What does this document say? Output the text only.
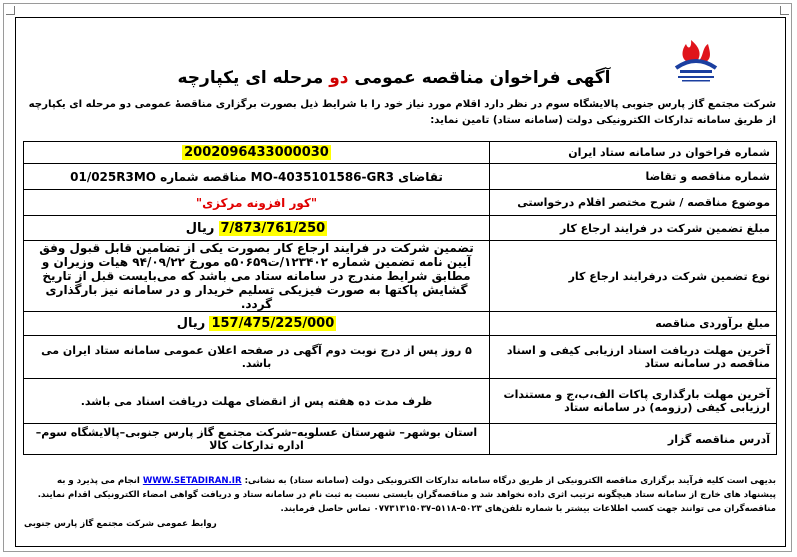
آگهی فراخوان مناقصه عمومی دو مرحله ای یکپارچه
شرکت مجتمع گاز پارس جنوبی پالایشگاه سوم در نظر دارد اقلام مورد نیاز خود را با شرایط ذیل بصورت برگزاری مناقصهٔ عمومی دو مرحله ای یکپارچه از طریق سامانه تدارکات الکترونیکی دولت (سامانه ستاد) تامین نماید:
شماره فراخوان در سامانه ستاد ایران	2002096433000030
شماره مناقصه و تقاضا	تقاضای MO-4035101586-GR3 مناقصه شماره 01/025R3MO
موضوع مناقصه / شرح مختصر اقلام درخواستی	"کور افزونه مرکزی"
مبلغ تضمین شرکت در فرایند ارجاع کار	7/873/761/250 ریال
نوع تضمین شرکت درفرایند ارجاع کار	تضمین شرکت در فرایند ارجاع کار بصورت یکی از تضامین قابل قبول وفق آیین نامه تضمین شماره ۱۲۳۴۰۲/ت۵۰۶۵۹ه مورخ ۹۴/۰۹/۲۲ هیات وزیران و مطابق شرایط مندرج در سامانه ستاد می باشد که می‌بایست قبل از تاریخ گشایش پاکتها به صورت فیزیکی تسلیم خریدار و در سامانه نیز بارگذاری گردد.
مبلغ برآوردی مناقصه	157/475/225/000 ریال
آخرین مهلت دریافت اسناد ارزیابی کیفی و اسناد مناقصه در سامانه ستاد	۵ روز پس از درج نوبت دوم آگهی در صفحه اعلان عمومی سامانه ستاد ایران می باشد.
آخرین مهلت بارگذاری پاکات الف،ب،ج و مستندات ارزیابی کیفی (رزومه) در سامانه ستاد	ظرف مدت ده هفته پس از انقضای مهلت دریافت اسناد می باشد.
آدرس مناقصه گزار	استان بوشهر– شهرستان عسلویه–شرکت مجتمع گاز پارس جنوبی–پالایشگاه سوم–اداره تدارکات کالا
بدیهی است کلیه فرآیند برگزاری مناقصه الکترونیکی از طریق درگاه سامانه تدارکات الکترونیکی دولت (سامانه ستاد) به نشانی: WWW.SETADIRAN.IR انجام می پذیرد و به پیشنهاد های خارج از سامانه ستاد هیچگونه ترتیب اثری داده نخواهد شد و مناقصه‌گران بایستی نسبت به ثبت نام در سامانه ستاد و دریافت گواهی امضاء الکترونیکی اقدام نمایند.
مناقصه‌گران می توانند جهت کسب اطلاعات بیشتر با شماره تلفن‌های ۵۰۲۳–۵۱۱۸–۰۷۷۳۱۳۱۵۰۳۷ تماس حاصل فرمایند.
روابط عمومی شرکت مجتمع گاز پارس جنوبی
